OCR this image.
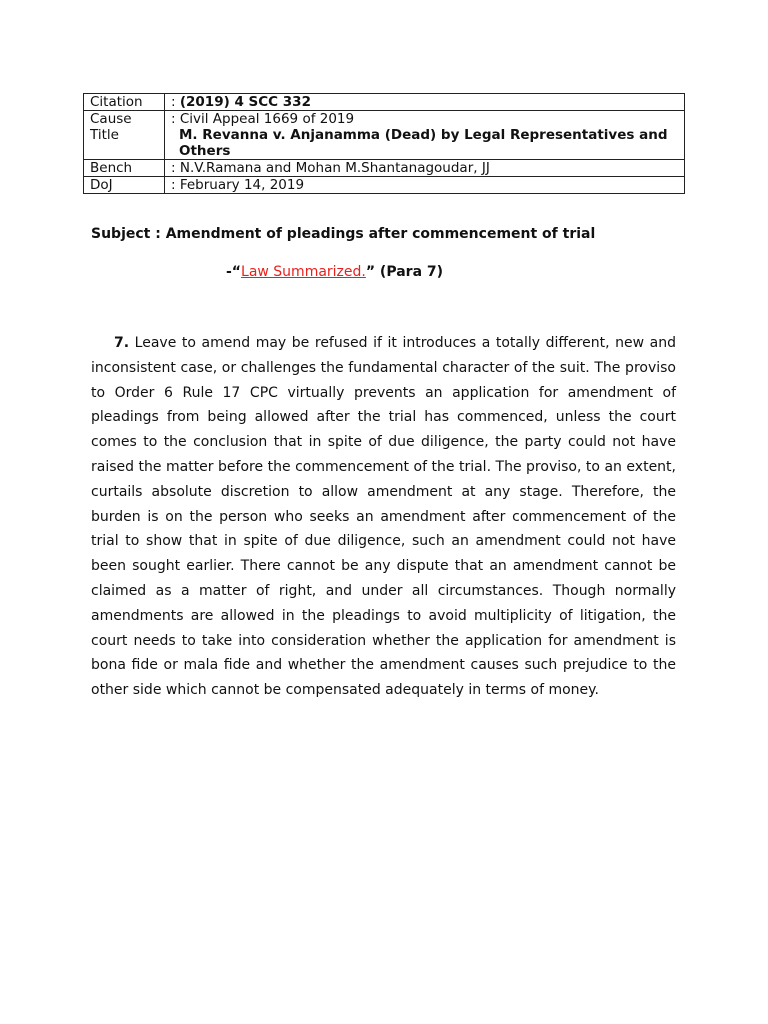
Citation	: (2019) 4 SCC 332
Cause Title	: Civil Appeal 1669 of 2019
M. Revanna v. Anjanamma (Dead) by Legal Representatives and Others

Bench	: N.V.Ramana and Mohan M.Shantanagoudar, JJ
DoJ	: February 14, 2019

Subject : Amendment of pleadings after commencement of trial

-“Law Summarized.” (Para 7)

7. Leave to amend may be refused if it introduces a totally different, new and inconsistent case, or challenges the fundamental character of the suit. The proviso to Order 6 Rule 17 CPC virtually prevents an application for amendment of pleadings from being allowed after the trial has commenced, unless the court comes to the conclusion that in spite of due diligence, the party could not have raised the matter before the commencement of the trial. The proviso, to an extent, curtails absolute discretion to allow amendment at any stage. Therefore, the burden is on the person who seeks an amendment after commencement of the trial to show that in spite of due diligence, such an amendment could not have been sought earlier. There cannot be any dispute that an amendment cannot be claimed as a matter of right, and under all circumstances. Though normally amendments are allowed in the pleadings to avoid multiplicity of litigation, the court needs to take into consideration whether the application for amendment is bona fide or mala fide and whether the amendment causes such prejudice to the other side which cannot be compensated adequately in terms of money.
